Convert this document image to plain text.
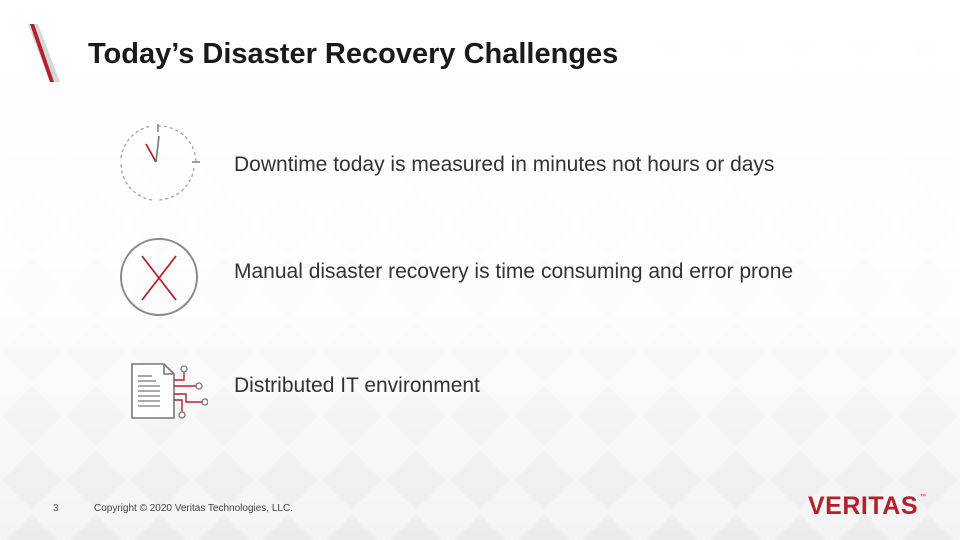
Today’s Disaster Recovery Challenges
Downtime today is measured in minutes not hours or days
Manual disaster recovery is time consuming and error prone
Distributed IT environment
3	Copyright © 2020 Veritas Technologies, LLC.	VERITAS ™
